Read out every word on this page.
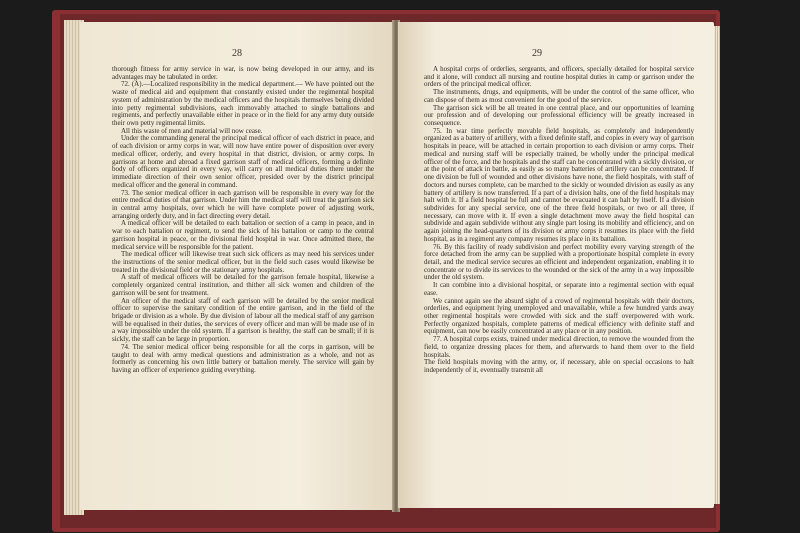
28

thorough fitness for army service in war, is now being developed in our army, and its advantages may be tabulated in order.

72. (A).—Localized responsibility in the medical department.— We have pointed out the waste of medical aid and equipment that constantly existed under the regimental hospital system of administration by the medical officers and the hospitals themselves being divided into petty regimental subdivisions, each immovably attached to single battalions and regiments, and perfectly unavailable either in peace or in the field for any army duty outside their own petty regimental limits.

All this waste of men and material will now cease.

Under the commanding general the principal medical officer of each district in peace, and of each division or army corps in war, will now have entire power of disposition over every medical officer, orderly, and every hospital in that district, division, or army corps. In garrisons at home and abroad a fixed garrison staff of medical officers, forming a definite body of officers organized in every way, will carry on all medical duties there under the immediate direction of their own senior officer, presided over by the district principal medical officer and the general in command.

73. The senior medical officer in each garrison will be responsible in every way for the entire medical duties of that garrison. Under him the medical staff will treat the garrison sick in central army hospitals, over which he will have complete power of adjusting work, arranging orderly duty, and in fact directing every detail.

A medical officer will be detailed to each battalion or section of a camp in peace, and in war to each battalion or regiment, to send the sick of his battalion or camp to the central garrison hospital in peace, or the divisional field hospital in war. Once admitted there, the medical service will be responsible for the patient.

The medical officer will likewise treat such sick officers as may need his services under the instructions of the senior medical officer, but in the field such cases would likewise be treated in the divisional field or the stationary army hospitals.

A staff of medical officers will be detailed for the garrison female hospital, likewise a completely organized central institution, and thither all sick women and children of the garrison will be sent for treatment.

An officer of the medical staff of each garrison will be detailed by the senior medical officer to supervise the sanitary condition of the entire garrison, and in the field of the brigade or division as a whole. By due division of labour all the medical staff of any garrison will be equalised in their duties, the services of every officer and man will be made use of in a way impossible under the old system. If a garrison is healthy, the staff can be small; if it is sickly, the staff can be large in proportion.

74. The senior medical officer being responsible for all the corps in garrison, will be taught to deal with army medical questions and administration as a whole, and not as formerly as concerning his own little battery or battalion merely. The service will gain by having an officer of experience guiding everything.

29

A hospital corps of orderlies, sergeants, and officers, specially detailed for hospital service and it alone, will conduct all nursing and routine hospital duties in camp or garrison under the orders of the principal medical officer.

The instruments, drugs, and equipments, will be under the control of the same officer, who can dispose of them as most convenient for the good of the service.

The garrison sick will be all treated in one central place, and our opportunities of learning our profession and of developing our professional efficiency will be greatly increased in consequence.

75. In war time perfectly movable field hospitals, as completely and independently organized as a battery of artillery, with a fixed definite staff, and copies in every way of garrison hospitals in peace, will be attached in certain proportion to each division or army corps. Their medical and nursing staff will be especially trained, be wholly under the principal medical officer of the force, and the hospitals and the staff can be concentrated with a sickly division, or at the point of attack in battle, as easily as so many batteries of artillery can be concentrated. If one division be full of wounded and other divisions have none, the field hospitals, with staff of doctors and nurses complete, can be marched to the sickly or wounded division as easily as any battery of artillery is now transferred. If a part of a division halts, one of the field hospitals may halt with it. If a field hospital be full and cannot be evacuated it can halt by itself. If a division subdivides for any special service, one of the three field hospitals, or two or all three, if necessary, can move with it. If even a single detachment move away the field hospital can subdivide and again subdivide without any single part losing its mobility and efficiency, and on again joining the head-quarters of its division or army corps it resumes its place with the field hospital, as in a regiment any company resumes its place in its battalion.

76. By this facility of ready subdivision and perfect mobility every varying strength of the force detached from the army can be supplied with a proportionate hospital complete in every detail, and the medical service secures an efficient and independent organization, enabling it to concentrate or to divide its services to the wounded or the sick of the army in a way impossible under the old system.

It can combine into a divisional hospital, or separate into a regimental section with equal ease.

We cannot again see the absurd sight of a crowd of regimental hospitals with their doctors, orderlies, and equipment lying unemployed and unavailable, while a few hundred yards away other regimental hospitals were crowded with sick and the staff overpowered with work. Perfectly organized hospitals, complete patterns of medical efficiency with definite staff and equipment, can now be easily concentrated at any place or in any position.

77. A hospital corps exists, trained under medical direction, to remove the wounded from the field, to organize dressing places for them, and afterwards to hand them over to the field hospitals.

The field hospitals moving with the army, or, if necessary, able on special occasions to halt independently of it, eventually transmit all
